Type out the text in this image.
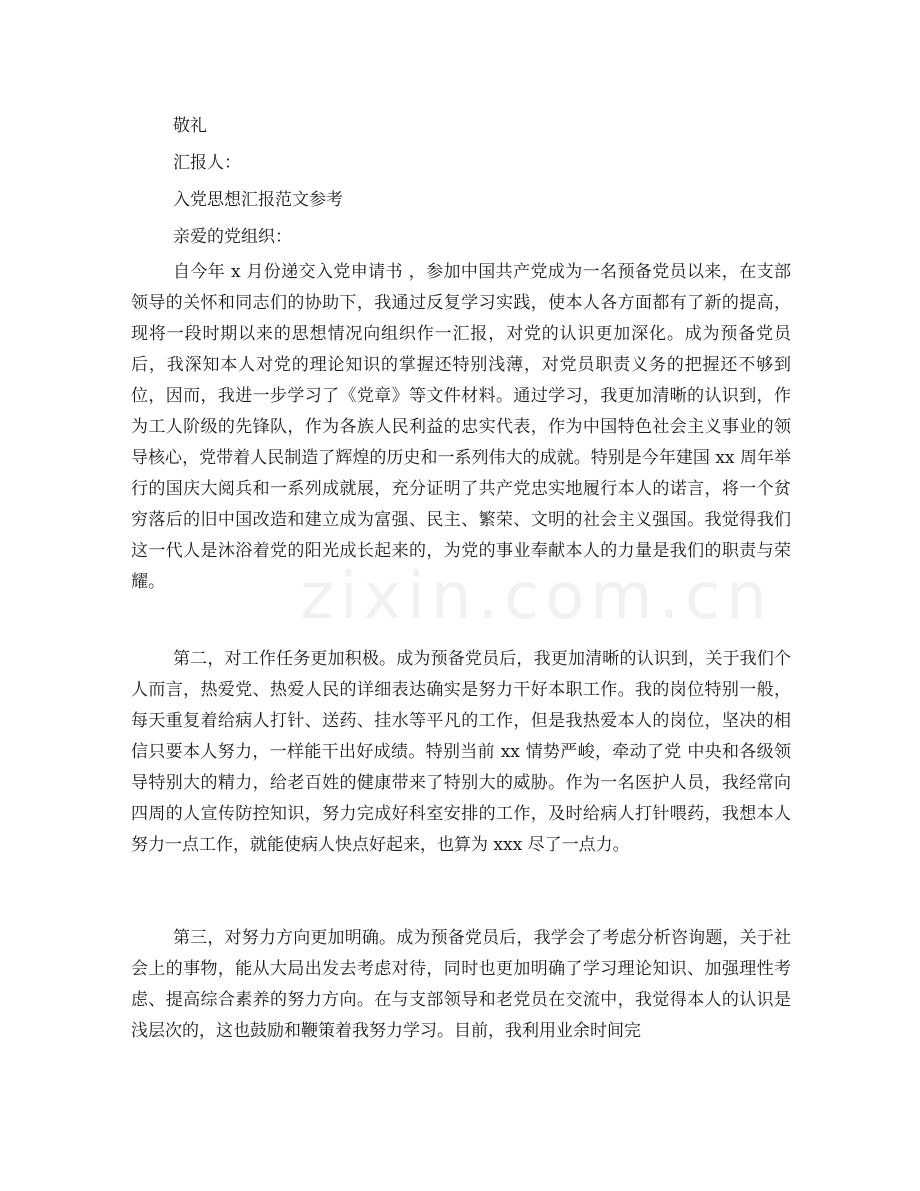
敬礼
汇报人：
入党思想汇报范文参考
亲爱的党组织：

自今年 x 月份递交入党申请书 ，参加中国共产党成为一名预备党员以来，在支部领导的关怀和同志们的协助下，我通过反复学习实践，使本人各方面都有了新的提高，现将一段时期以来的思想情况向组织作一汇报，对党的认识更加深化。成为预备党员后，我深知本人对党的理论知识的掌握还特别浅薄，对党员职责义务的把握还不够到位，因而，我进一步学习了《党章》等文件材料。通过学习，我更加清晰的认识到，作为工人阶级的先锋队，作为各族人民利益的忠实代表，作为中国特色社会主义事业的领导核心，党带着人民制造了辉煌的历史和一系列伟大的成就。特别是今年建国 xx 周年举行的国庆大阅兵和一系列成就展，充分证明了共产党忠实地履行本人的诺言，将一个贫穷落后的旧中国改造和建立成为富强、民主、繁荣、文明的社会主义强国。我觉得我们这一代人是沐浴着党的阳光成长起来的，为党的事业奉献本人的力量是我们的职责与荣耀。

第二，对工作任务更加积极。成为预备党员后，我更加清晰的认识到，关于我们个人而言，热爱党、热爱人民的详细表达确实是努力干好本职工作。我的岗位特别一般，每天重复着给病人打针、送药、挂水等平凡的工作，但是我热爱本人的岗位，坚决的相信只要本人努力，一样能干出好成绩。特别当前 xx 情势严峻，牵动了党 中央和各级领导特别大的精力，给老百姓的健康带来了特别大的威胁。作为一名医护人员，我经常向四周的人宣传防控知识，努力完成好科室安排的工作，及时给病人打针喂药，我想本人努力一点工作，就能使病人快点好起来，也算为 xxx 尽了一点力。

第三，对努力方向更加明确。成为预备党员后，我学会了考虑分析咨询题，关于社会上的事物，能从大局出发去考虑对待，同时也更加明确了学习理论知识、加强理性考虑、提高综合素养的努力方向。在与支部领导和老党员在交流中，我觉得本人的认识是浅层次的，这也鼓励和鞭策着我努力学习。目前，我利用业余时间完

zixin.com.cn
